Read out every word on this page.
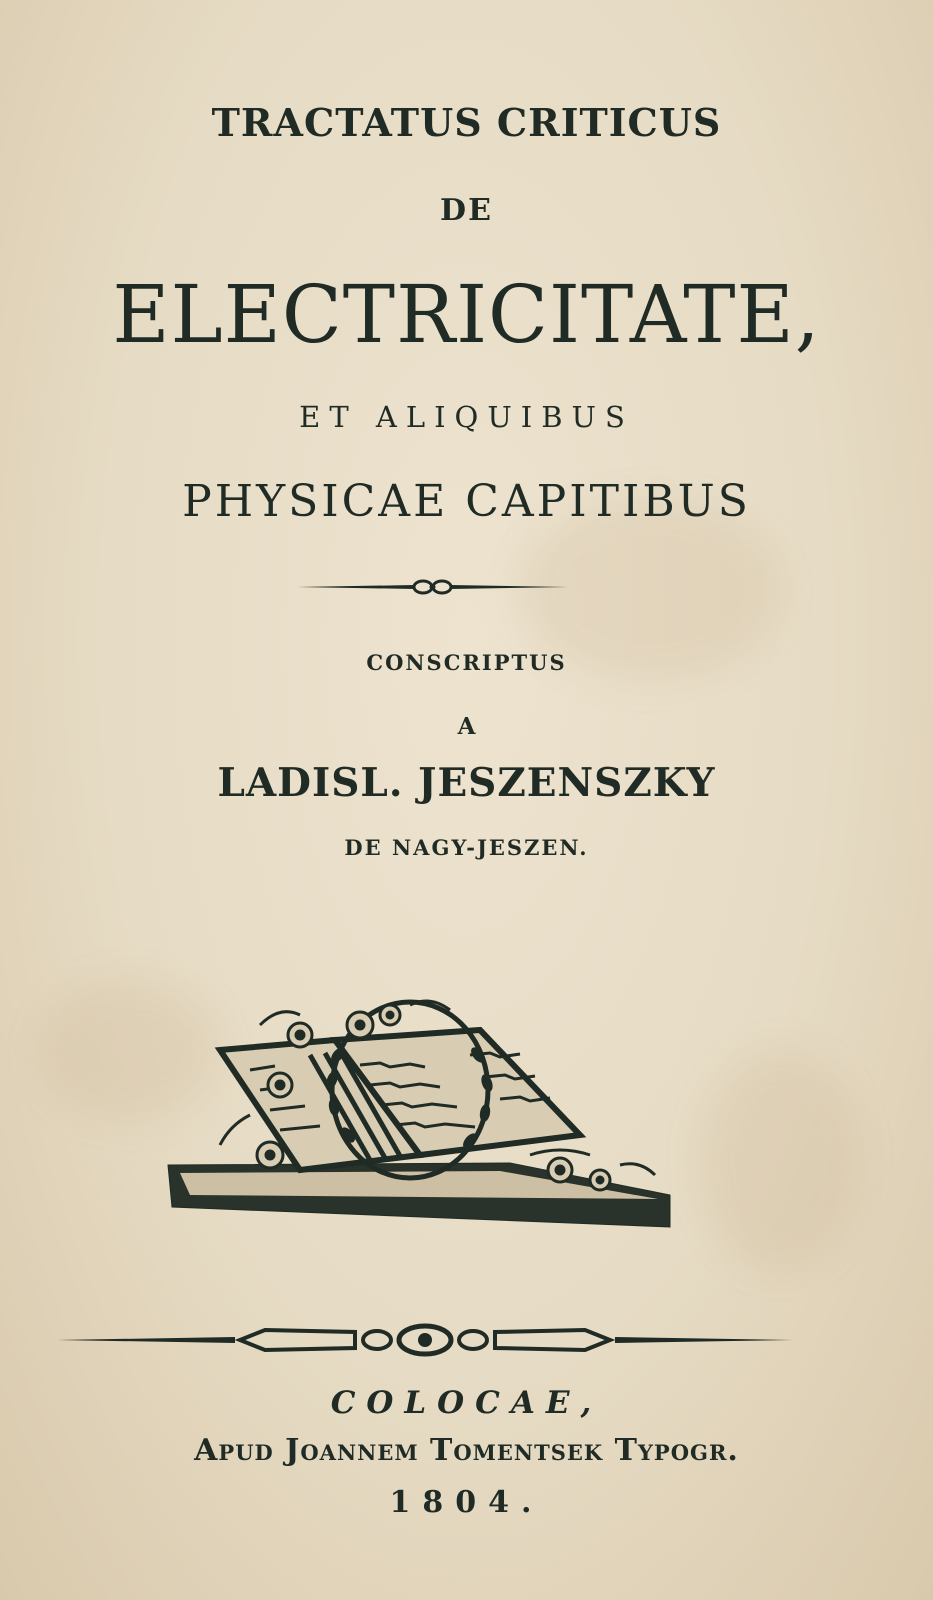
TRACTATUS CRITICUS
DE
ELECTRICITATE,
ET ALIQUIBUS
PHYSICAE CAPITIBUS
CONSCRIPTUS
A
LADISL. JESZENSZKY
DE NAGY-JESZEN.
COLOCAE,
Apud Joannem Tomentsek Typogr.
1804.
